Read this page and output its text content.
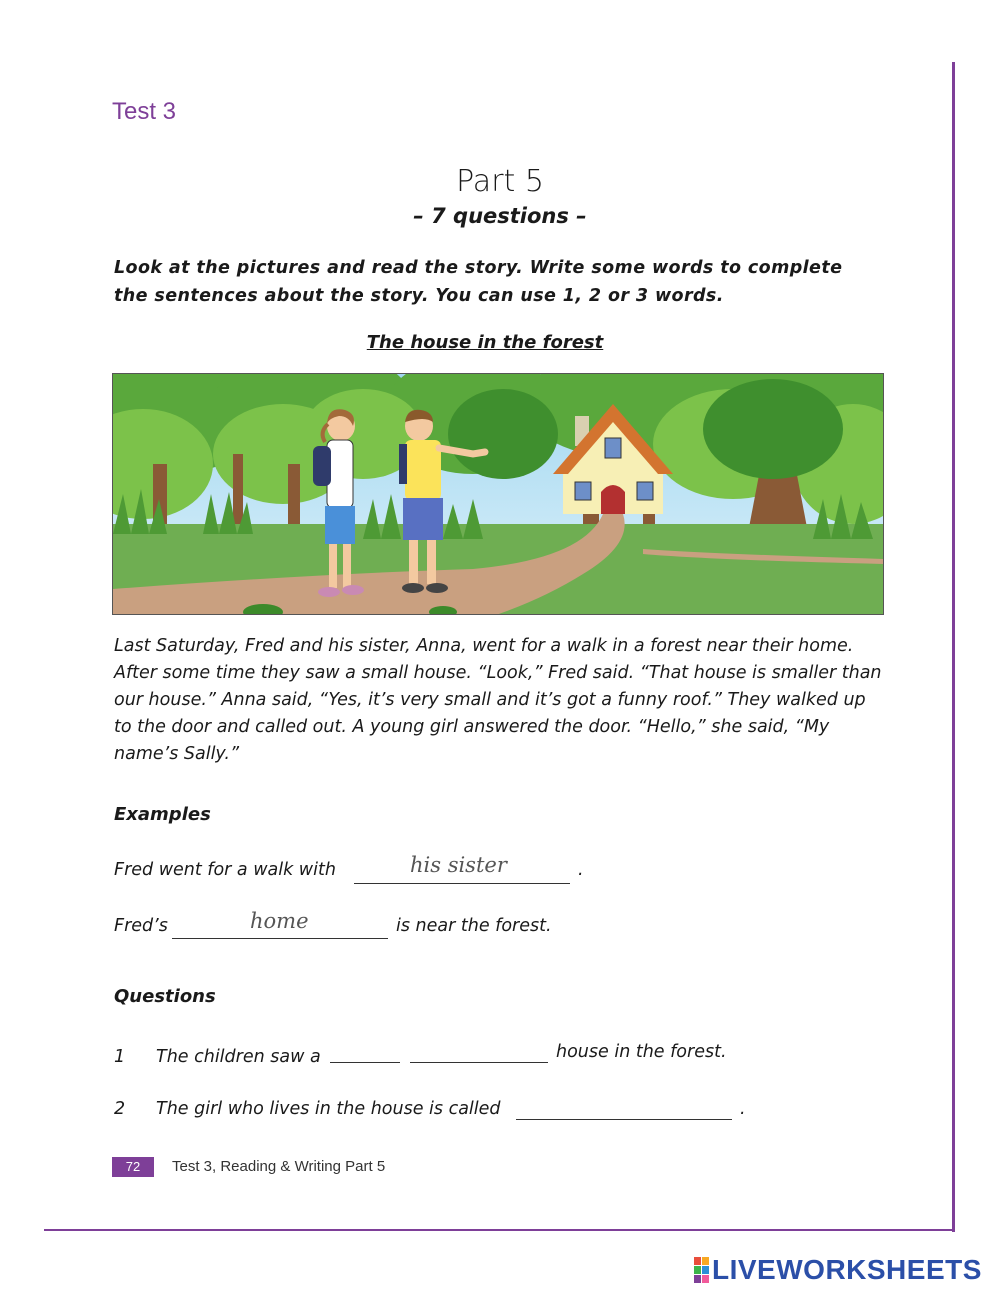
Test 3
Part 5
– 7 questions –
Look at the pictures and read the story. Write some words to complete the sentences about the story. You can use 1, 2 or 3 words.
The house in the forest
Last Saturday, Fred and his sister, Anna, went for a walk in a forest near their home. After some time they saw a small house. “Look,” Fred said. “That house is smaller than our house.” Anna said, “Yes, it’s very small and it’s got a funny roof.” They walked up to the door and called out. A young girl answered the door. “Hello,” she said, “My name’s Sally.”
Examples
Fred went for a walk with	his sister	.
Fred’s	home	is near the forest.
Questions
1 The children saw a	house in the forest.
2 The girl who lives in the house is called	.
72	Test 3, Reading & Writing Part 5
LIVEWORKSHEETS
